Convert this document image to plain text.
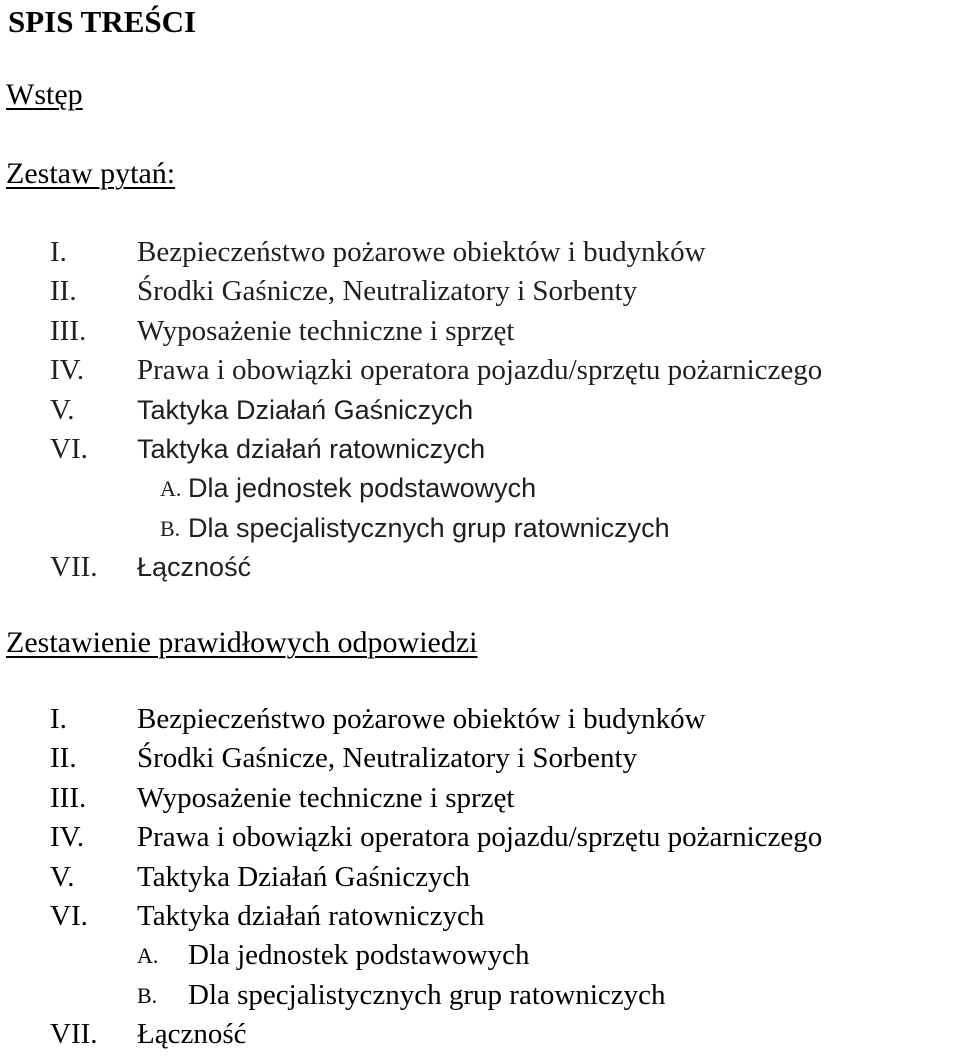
SPIS TREŚCI
Wstęp
Zestaw pytań:
I. Bezpieczeństwo pożarowe obiektów i budynków
II. Środki Gaśnicze, Neutralizatory i Sorbenty
III. Wyposażenie techniczne i sprzęt
IV. Prawa i obowiązki operatora pojazdu/sprzętu pożarniczego
V. Taktyka Działań Gaśniczych
VI. Taktyka działań ratowniczych
A. Dla jednostek podstawowych
B. Dla specjalistycznych grup ratowniczych
VII. Łączność
Zestawienie prawidłowych odpowiedzi
I. Bezpieczeństwo pożarowe obiektów i budynków
II. Środki Gaśnicze, Neutralizatory i Sorbenty
III. Wyposażenie techniczne i sprzęt
IV. Prawa i obowiązki operatora pojazdu/sprzętu pożarniczego
V. Taktyka Działań Gaśniczych
VI. Taktyka działań ratowniczych
A. Dla jednostek podstawowych
B. Dla specjalistycznych grup ratowniczych
VII. Łączność
